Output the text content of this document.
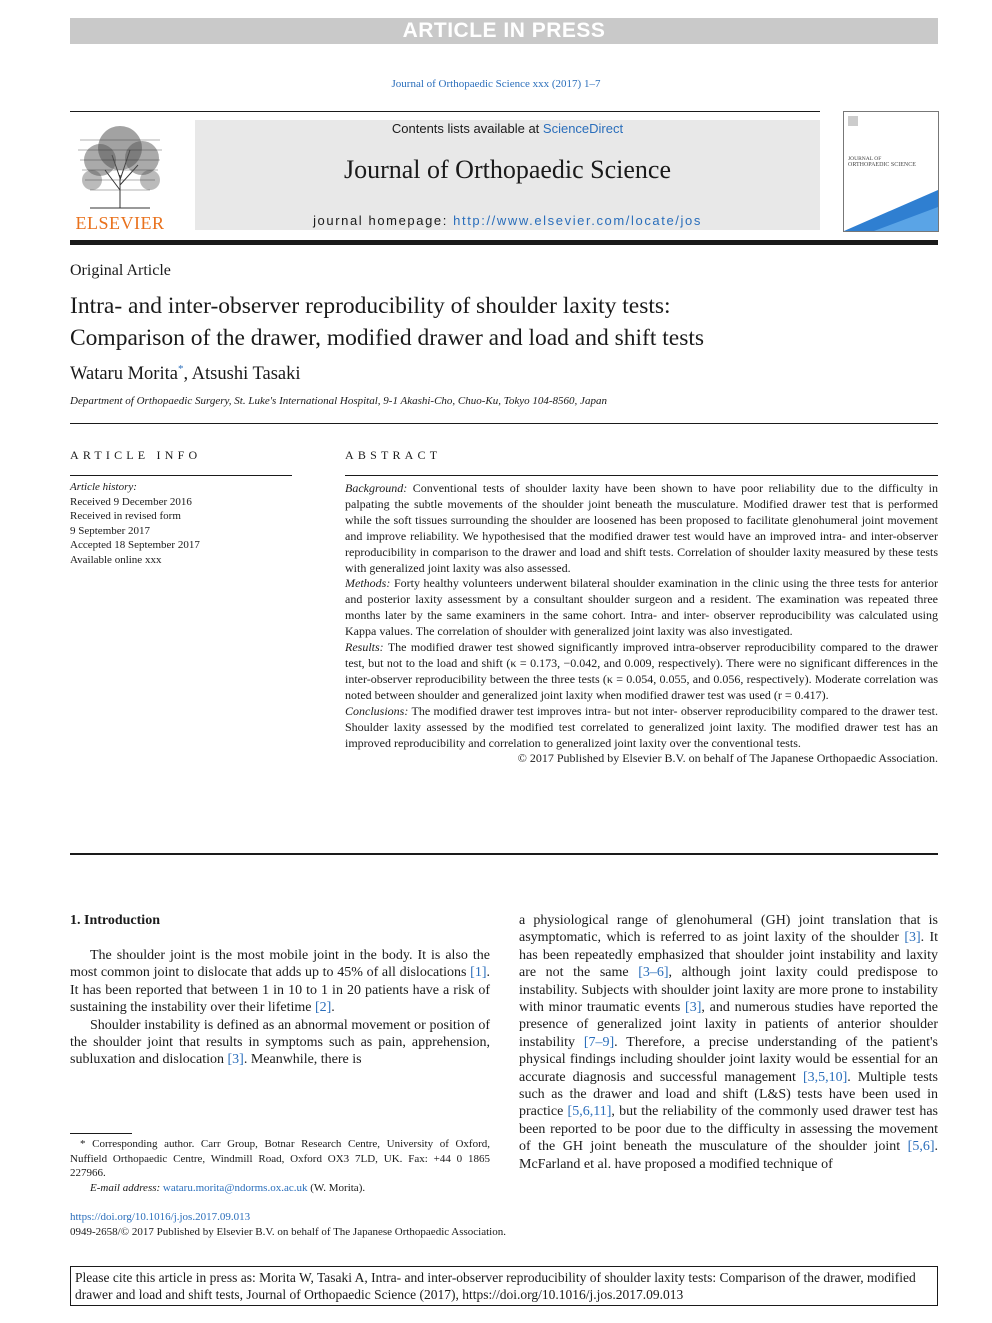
ARTICLE IN PRESS
Journal of Orthopaedic Science xxx (2017) 1–7
ELSEVIER
Contents lists available at ScienceDirect
Journal of Orthopaedic Science
journal homepage: http://www.elsevier.com/locate/jos
JOURNAL OF
ORTHOPAEDIC SCIENCE
Original Article
Intra- and inter-observer reproducibility of shoulder laxity tests:
Comparison of the drawer, modified drawer and load and shift tests
Wataru Morita*, Atsushi Tasaki
Department of Orthopaedic Surgery, St. Luke's International Hospital, 9-1 Akashi-Cho, Chuo-Ku, Tokyo 104-8560, Japan
ARTICLE INFO
Article history:
Received 9 December 2016
Received in revised form
9 September 2017
Accepted 18 September 2017
Available online xxx
ABSTRACT

Background: Conventional tests of shoulder laxity have been shown to have poor reliability due to the difficulty in palpating the subtle movements of the shoulder joint beneath the musculature. Modified drawer test that is performed while the soft tissues surrounding the shoulder are loosened has been proposed to facilitate glenohumeral joint movement and improve reliability. We hypothesised that the modified drawer test would have an improved intra- and inter-observer reproducibility in comparison to the drawer and load and shift tests. Correlation of shoulder laxity measured by these tests with generalized joint laxity was also assessed.

Methods: Forty healthy volunteers underwent bilateral shoulder examination in the clinic using the three tests for anterior and posterior laxity assessment by a consultant shoulder surgeon and a resident. The examination was repeated three months later by the same examiners in the same cohort. Intra- and inter- observer reproducibility was calculated using Kappa values. The correlation of shoulder with generalized joint laxity was also investigated.

Results: The modified drawer test showed significantly improved intra-observer reproducibility compared to the drawer test, but not to the load and shift (κ = 0.173, −0.042, and 0.009, respectively). There were no significant differences in the inter-observer reproducibility between the three tests (κ = 0.054, 0.055, and 0.056, respectively). Moderate correlation was noted between shoulder and generalized joint laxity when modified drawer test was used (r = 0.417).

Conclusions: The modified drawer test improves intra- but not inter- observer reproducibility compared to the drawer test. Shoulder laxity assessed by the modified test correlated to generalized joint laxity. The modified drawer test has an improved reproducibility and correlation to generalized joint laxity over the conventional tests.

© 2017 Published by Elsevier B.V. on behalf of The Japanese Orthopaedic Association.

1. Introduction

The shoulder joint is the most mobile joint in the body. It is also the most common joint to dislocate that adds up to 45% of all dislocations [1]. It has been reported that between 1 in 10 to 1 in 20 patients have a risk of sustaining the instability over their lifetime [2].

Shoulder instability is defined as an abnormal movement or position of the shoulder joint that results in symptoms such as pain, apprehension, subluxation and dislocation [3]. Meanwhile, there is

a physiological range of glenohumeral (GH) joint translation that is asymptomatic, which is referred to as joint laxity of the shoulder [3]. It has been repeatedly emphasized that shoulder joint instability and laxity are not the same [3–6], although joint laxity could predispose to instability. Subjects with shoulder joint laxity are more prone to instability with minor traumatic events [3], and numerous studies have reported the presence of generalized joint laxity in patients of anterior shoulder instability [7–9]. Therefore, a precise understanding of the patient's physical findings including shoulder joint laxity would be essential for an accurate diagnosis and successful management [3,5,10]. Multiple tests such as the drawer and load and shift (L&S) tests have been used in practice [5,6,11], but the reliability of the commonly used drawer test has been reported to be poor due to the difficulty in assessing the movement of the GH joint beneath the musculature of the shoulder joint [5,6]. McFarland et al. have proposed a modified technique of

* Corresponding author. Carr Group, Botnar Research Centre, University of Oxford, Nuffield Orthopaedic Centre, Windmill Road, Oxford OX3 7LD, UK. Fax: +44 0 1865 227966.

E-mail address: wataru.morita@ndorms.ox.ac.uk (W. Morita).

https://doi.org/10.1016/j.jos.2017.09.013
0949-2658/© 2017 Published by Elsevier B.V. on behalf of The Japanese Orthopaedic Association.
Please cite this article in press as: Morita W, Tasaki A, Intra- and inter-observer reproducibility of shoulder laxity tests: Comparison of the drawer, modified drawer and load and shift tests, Journal of Orthopaedic Science (2017), https://doi.org/10.1016/j.jos.2017.09.013
